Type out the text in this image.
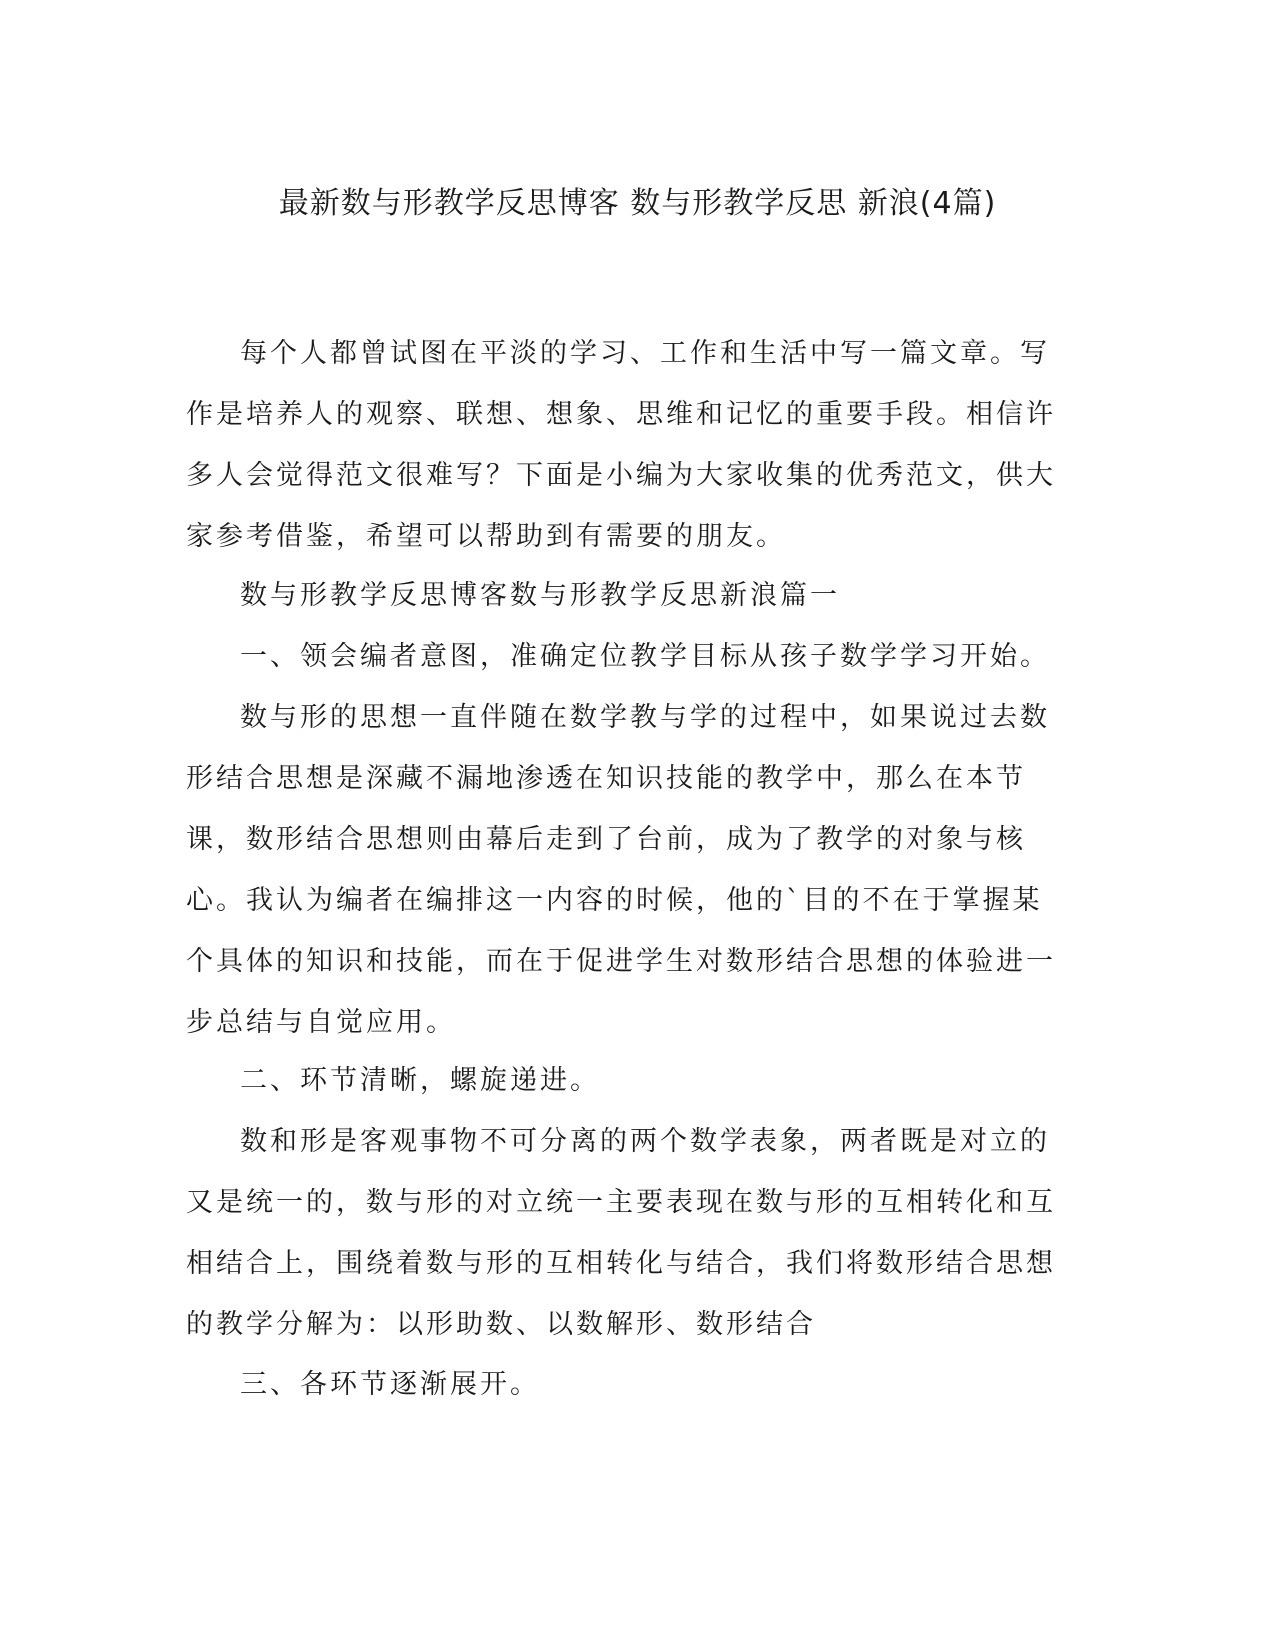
最新数与形教学反思博客 数与形教学反思 新浪(4篇)

每个人都曾试图在平淡的学习、工作和生活中写一篇文章。写作是培养人的观察、联想、想象、思维和记忆的重要手段。相信许多人会觉得范文很难写？下面是小编为大家收集的优秀范文，供大家参考借鉴，希望可以帮助到有需要的朋友。

数与形教学反思博客数与形教学反思新浪篇一

一、领会编者意图，准确定位教学目标从孩子数学学习开始。

数与形的思想一直伴随在数学教与学的过程中，如果说过去数形结合思想是深藏不漏地渗透在知识技能的教学中，那么在本节课，数形结合思想则由幕后走到了台前，成为了教学的对象与核心。我认为编者在编排这一内容的时候，他的`目的不在于掌握某个具体的知识和技能，而在于促进学生对数形结合思想的体验进一步总结与自觉应用。

二、环节清晰，螺旋递进。

数和形是客观事物不可分离的两个数学表象，两者既是对立的又是统一的，数与形的对立统一主要表现在数与形的互相转化和互相结合上，围绕着数与形的互相转化与结合，我们将数形结合思想的教学分解为：以形助数、以数解形、数形结合

三、各环节逐渐展开。
